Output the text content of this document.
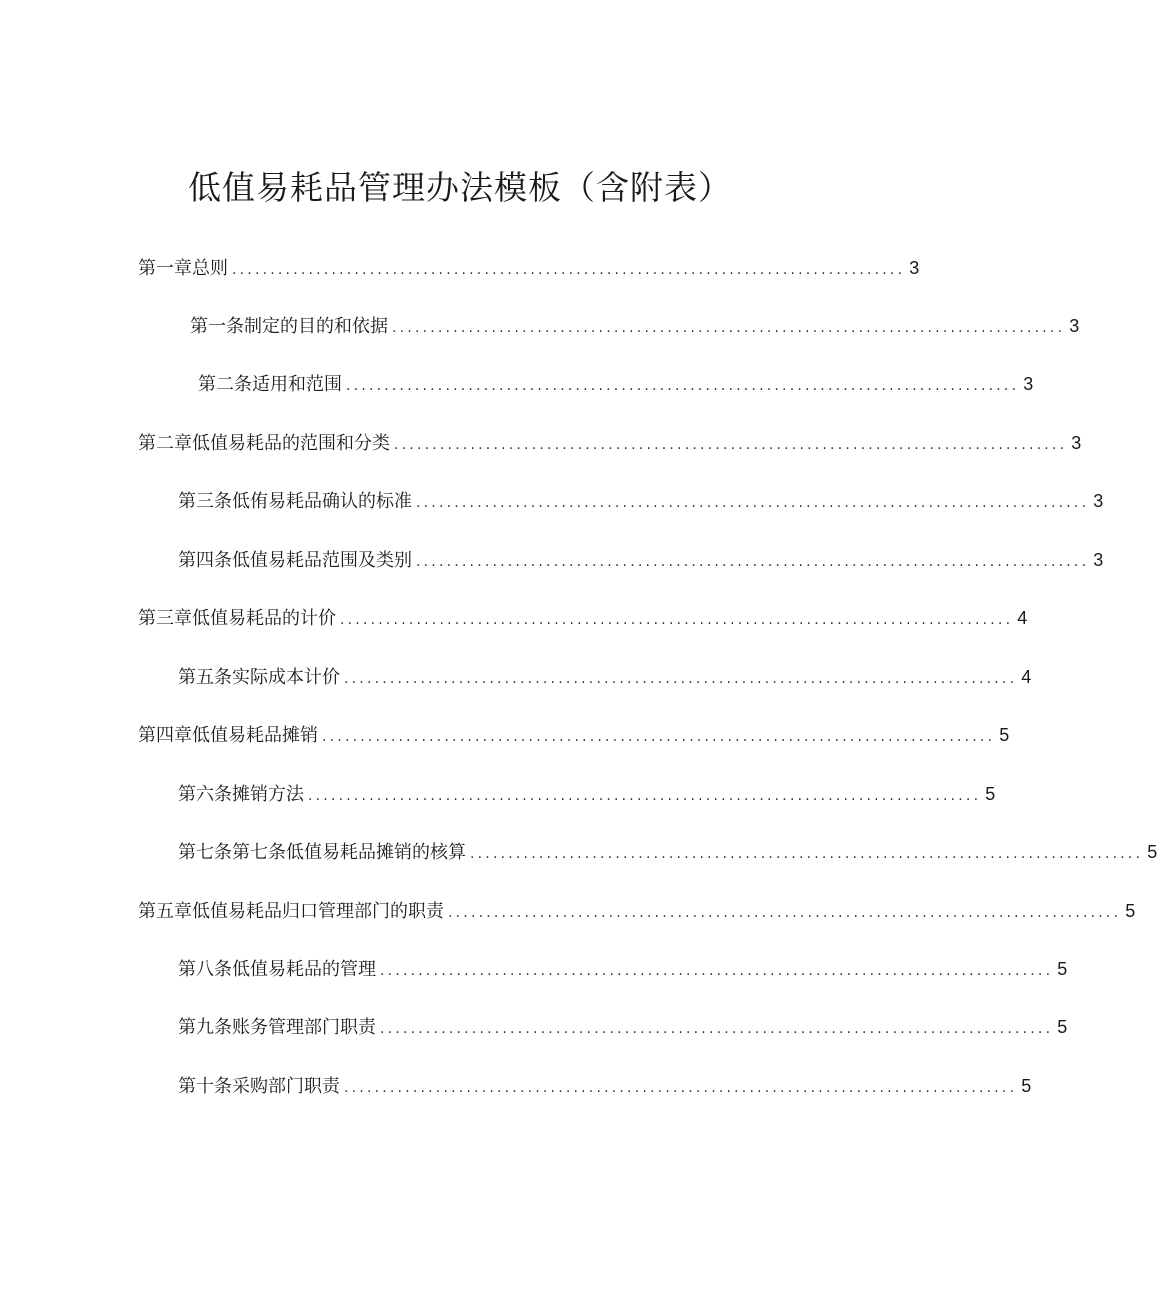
低值易耗品管理办法模板（含附表）
第一章总则 ........................................................................................ 3
第一条制定的目的和依据 ........................................................................................ 3
第二条适用和范围 ........................................................................................ 3
第二章低值易耗品的范围和分类 ........................................................................................ 3
第三条低侑易耗品确认的标准 ........................................................................................ 3
第四条低值易耗品范围及类别 ........................................................................................ 3
第三章低值易耗品的计价 ........................................................................................ 4
第五条实际成本计价 ........................................................................................ 4
第四章低值易耗品摊销 ........................................................................................ 5
第六条摊销方法 ........................................................................................ 5
第七条第七条低值易耗品摊销的核算 ........................................................................................ 5
第五章低值易耗品归口管理部门的职责 ........................................................................................ 5
第八条低值易耗品的管理 ........................................................................................ 5
第九条账务管理部门职责 ........................................................................................ 5
第十条采购部门职责 ........................................................................................ 5
